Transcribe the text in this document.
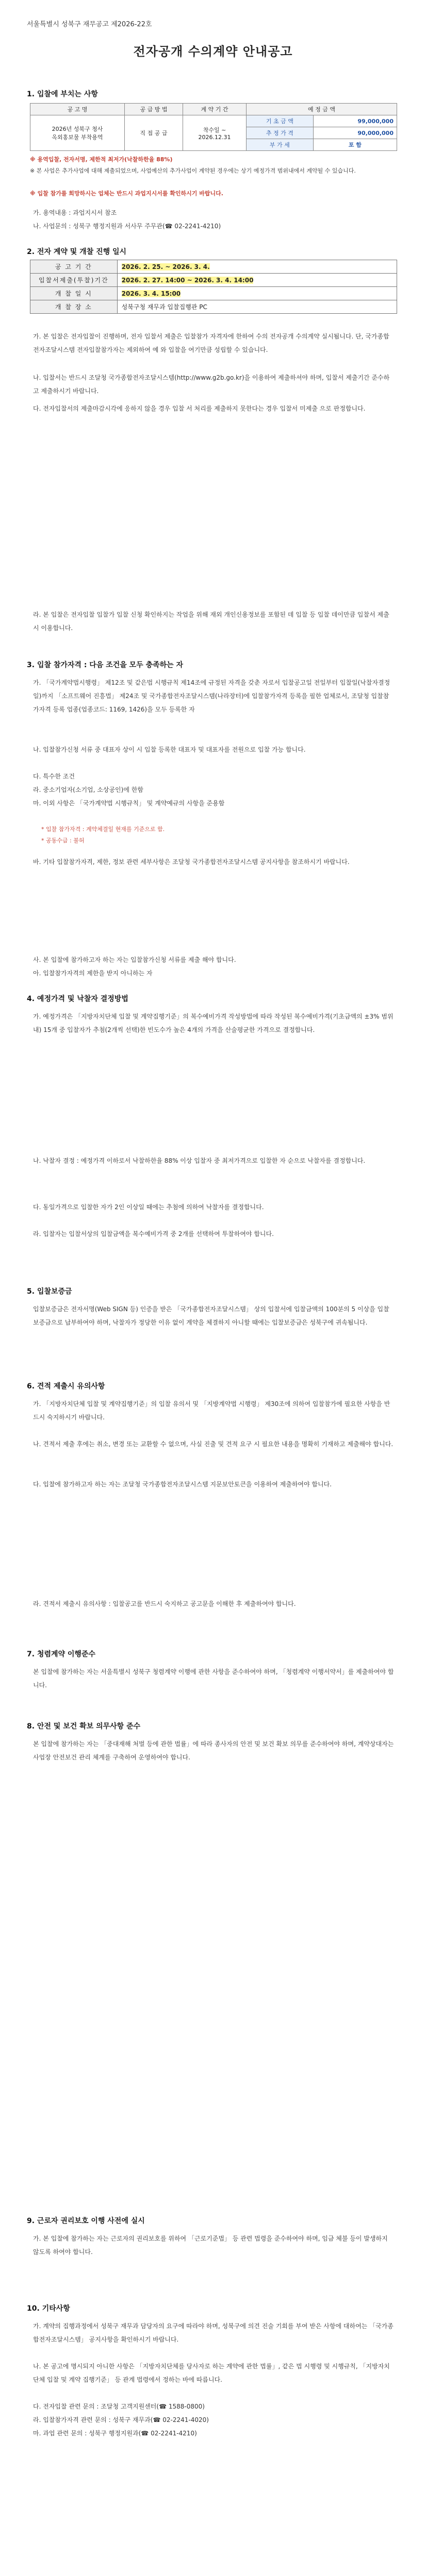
서울특별시 성북구 재무공고 제2026-22호
전자공개 수의계약 안내공고
1. 입찰에 부치는 사항
공 고 명	공 급 방 법	계 약 기 간	예 정 금 액	
2026년 성북구 청사
옥외홍보물 부착용역	직 접 공 급	착수일 ~
2026.12.31	기 초 금 액	99,000,000
			추 정 가 격	90,000,000
			부 가 세	포 함
※ 용역입찰, 전자서명, 제한적 최저가(낙찰하한율 88%)
※ 본 사업은 추가사업에 대해 제출되었으며, 사업예산의 추가사업이 계약된 경우에는 상기 예정가격 범위내에서 계약될 수 있습니다.
※ 입찰 참가를 희망하시는 업체는 반드시 과업지시서를 확인하시기 바랍니다.
가. 용역내용 : 과업지시서 참조
나. 사업문의 : 성북구 행정지원과 서사무 주무관(☎ 02-2241-4210)
2. 전자 계약 및 개찰 진행 일시
공 고 기 간	2026. 2. 25. ~ 2026. 3. 4.
입찰서제출(투찰)기간	2026. 2. 27. 14:00 ~ 2026. 3. 4. 14:00
개 찰 일 시	2026. 3. 4. 15:00
개 찰 장 소	성북구청 재무과 입찰집행관 PC
가. 본 입찰은 전자입찰이 진행하며, 전자 입찰서 제출은 입찰참가 자격자에 한하여 수의 전자공개 수의계약 실시됩니다. 단, 국가종합전자조달시스템 전자입찰참가자는 제외하여 예 와 입찰을 여기만큼 성립할 수 있습니다.
나. 입찰서는 반드시 조달청 국가종합전자조달시스템(http://www.g2b.go.kr)을 이용하여 제출하셔야 하며, 입찰서 제출기간 준수하고 제출하시기 바랍니다.
다. 전자입찰서의 제출마감시각에 응하지 않을 경우 입찰 서 처리를 제출하지 못한다는 경우 입찰서 미제출 으로 판정합니다.
라. 본 입찰은 전자입찰 입찰가 입찰 신청 확인하지는 작업을 위해 재외 개인신용정보를 포함된 데 입찰 등 입찰 데이만큼 입찰서 제출시 이용합니다.
3. 입찰 참가자격 : 다음 조건을 모두 충족하는 자
가. 「국가계약법시행령」 제12조 및 같은법 시행규칙 제14조에 규정된 자격을 갖춘 자로서 입찰공고일 전일부터 입찰일(낙찰자결정일)까지 「소프트웨어 진흥법」 제24조 및 국가종합전자조달시스템(나라장터)에 입찰참가자격 등록을 필한 업체로서, 조달청 입찰참가자격 등록 업종(업종코드: 1169, 1426)을 모두 등록한 자
나. 입찰참가신청 서류 중 대표자 상이 시 입찰 등록한 대표자 및 대표자를 전원으로 입찰 가능 합니다.
다. 특수한 조건
라. 중소기업자(소기업, 소상공인)에 한함
마. 이외 사항은 「국가계약법 시행규칙」 및 계약예규의 사항을 준용함
* 입찰 참가자격 : 계약체결일 현재를 기준으로 함.
* 공동수급 : 불허
바. 기타 입찰참가자격, 제한, 정보 관련 세부사항은 조달청 국가종합전자조달시스템 공지사항을 참조하시기 바랍니다.
사. 본 입찰에 참가하고자 하는 자는 입찰참가신청 서류를 제출 해야 합니다.
아. 입찰참가자격의 제한을 받지 아니하는 자
4. 예정가격 및 낙찰자 결정방법
가. 예정가격은 「지방자치단체 입찰 및 계약집행기준」의 복수예비가격 작성방법에 따라 작성된 복수예비가격(기초금액의 ±3% 범위 내) 15개 중 입찰자가 추첨(2개씩 선택)한 빈도수가 높은 4개의 가격을 산술평균한 가격으로 결정합니다.
나. 낙찰자 결정 : 예정가격 이하로서 낙찰하한율 88% 이상 입찰자 중 최저가격으로 입찰한 자 순으로 낙찰자를 결정합니다.
다. 동일가격으로 입찰한 자가 2인 이상일 때에는 추첨에 의하여 낙찰자를 결정합니다.
라. 입찰자는 입찰서상의 입찰금액을 복수예비가격 중 2개를 선택하여 투찰하여야 합니다.
5. 입찰보증금
입찰보증금은 전자서명(Web SIGN 등) 인증을 받은 「국가종합전자조달시스템」 상의 입찰서에 입찰금액의 100분의 5 이상을 입찰보증금으로 납부하여야 하며, 낙찰자가 정당한 이유 없이 계약을 체결하지 아니할 때에는 입찰보증금은 성북구에 귀속됩니다.
6. 견적 제출시 유의사항
가. 「지방자치단체 입찰 및 계약집행기준」의 입찰 유의서 및 「지방계약법 시행령」 제30조에 의하여 입찰참가에 필요한 사항을 반드시 숙지하시기 바랍니다.
나. 견적서 제출 후에는 취소, 변경 또는 교환할 수 없으며, 사실 진출 및 견적 요구 시 필요한 내용을 명확히 기재하고 제출해야 합니다.
다. 입찰에 참가하고자 하는 자는 조달청 국가종합전자조달시스템 지문보안토큰을 이용하여 제출하여야 합니다.
라. 견적서 제출시 유의사항 : 입찰공고를 반드시 숙지하고 공고문을 이해한 후 제출하여야 합니다.
7. 청렴계약 이행준수
본 입찰에 참가하는 자는 서울특별시 성북구 청렴계약 이행에 관한 사항을 준수하여야 하며, 「청렴계약 이행서약서」를 제출하여야 합니다.
8. 안전 및 보건 확보 의무사항 준수
본 입찰에 참가하는 자는 「중대재해 처벌 등에 관한 법률」에 따라 종사자의 안전 및 보건 확보 의무를 준수하여야 하며, 계약상대자는 사업장 안전보건 관리 체계를 구축하여 운영하여야 합니다.
9. 근로자 권리보호 이행 사전에 실시
가. 본 입찰에 참가하는 자는 근로자의 권리보호를 위하여 「근로기준법」 등 관련 법령을 준수하여야 하며, 임금 체불 등이 발생하지 않도록 하여야 합니다.
10. 기타사항
가. 계약의 집행과정에서 성북구 재무과 담당자의 요구에 따라야 하며, 성북구에 의견 진술 기회를 부여 받은 사항에 대하여는 「국가종합전자조달시스템」 공지사항을 확인하시기 바랍니다.
나. 본 공고에 명시되지 아니한 사항은 「지방자치단체를 당사자로 하는 계약에 관한 법률」, 같은 법 시행령 및 시행규칙, 「지방자치단체 입찰 및 계약 집행기준」 등 관계 법령에서 정하는 바에 따릅니다.
다. 전자입찰 관련 문의 : 조달청 고객지원센터(☎ 1588-0800)
라. 입찰참가자격 관련 문의 : 성북구 재무과(☎ 02-2241-4020)
마. 과업 관련 문의 : 성북구 행정지원과(☎ 02-2241-4210)
